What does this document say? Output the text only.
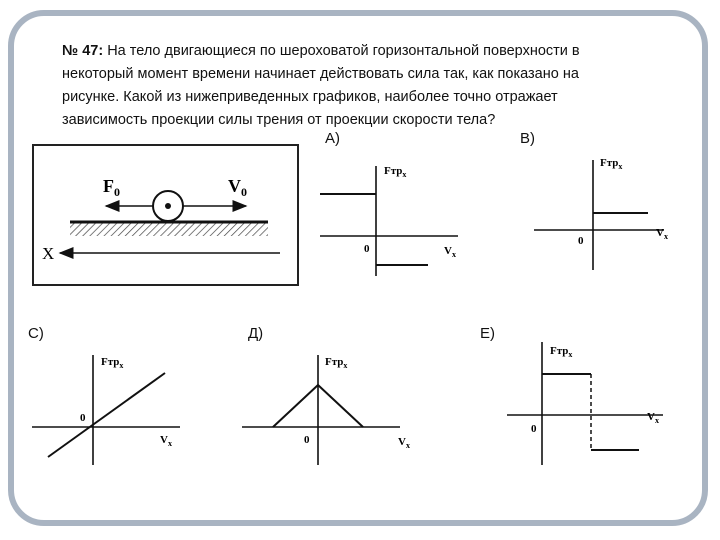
№ 47: На тело двигающиеся по шероховатой горизонтальной поверхности в
некоторый момент времени начинает действовать сила так, как показано на
рисунке. Какой из нижеприведенных графиков, наиболее точно отражает
зависимость проекции силы трения от проекции скорости тела?
$F_0$	$V_0$
X
А)	В)
С)	Д)	Е)
Fтр$_x$
$V_x$
0
Fтр$_x$
$V_x$
0
Fтр$_x$
$V_x$
0
Fтр$_x$
$V_x$
0
Fтр$_x$
$V_x$
0
